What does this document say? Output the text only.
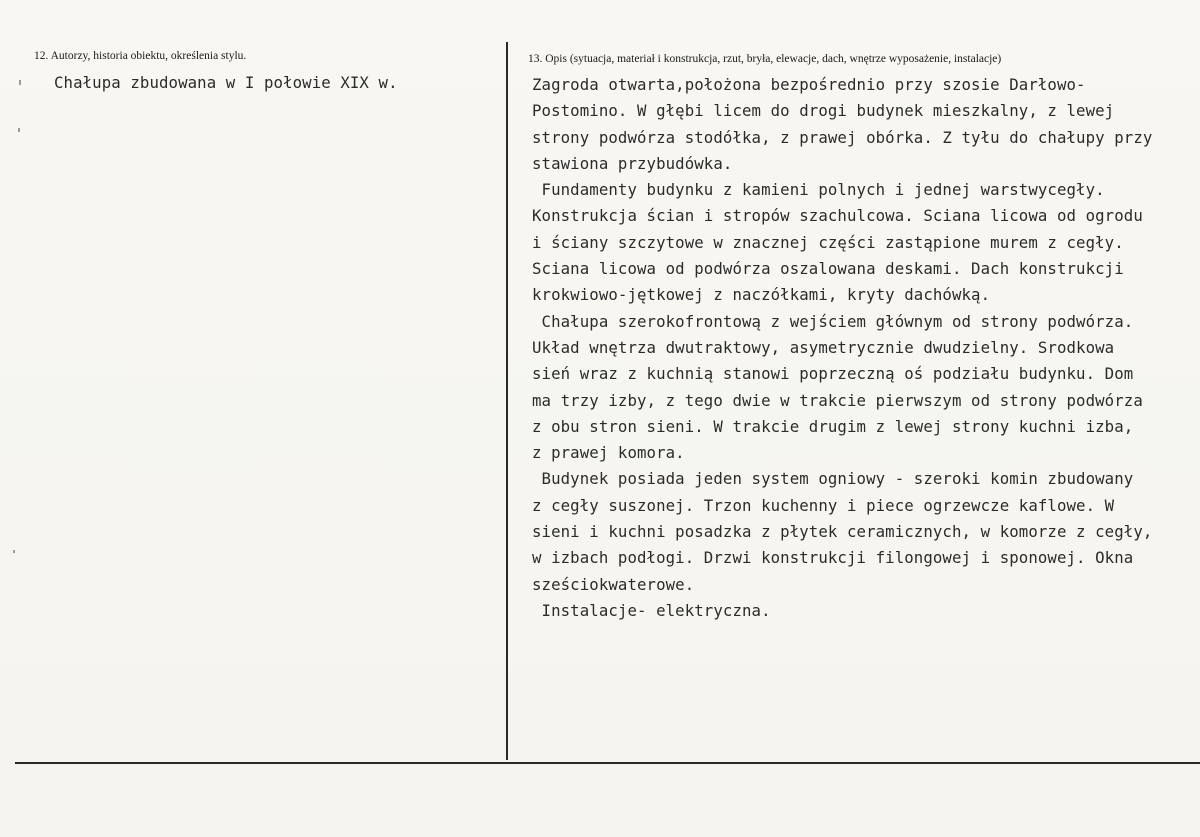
12. Autorzy, historia obiektu, określenia stylu.
Chałupa zbudowana w I połowie XIX w.
13. Opis (sytuacja, materiał i konstrukcja, rzut, bryła, elewacje, dach, wnętrze wyposażenie, instalacje)
Zagroda otwarta,położona bezpośrednio przy szosie Darłowo-
Postomino. W głębi licem do drogi budynek mieszkalny, z lewej
strony podwórza stodółka, z prawej obórka. Z tyłu do chałupy przy
stawiona przybudówka.
Fundamenty budynku z kamieni polnych i jednej warstwycegły.
Konstrukcja ścian i stropów szachulcowa. Sciana licowa od ogrodu
i ściany szczytowe w znacznej części zastąpione murem z cegły.
Sciana licowa od podwórza oszalowana deskami. Dach konstrukcji
krokwiowo-jętkowej z naczółkami, kryty dachówką.
Chałupa szerokofrontową z wejściem głównym od strony podwórza.
Układ wnętrza dwutraktowy, asymetrycznie dwudzielny. Srodkowa
sień wraz z kuchnią stanowi poprzeczną oś podziału budynku. Dom
ma trzy izby, z tego dwie w trakcie pierwszym od strony podwórza
z obu stron sieni. W trakcie drugim z lewej strony kuchni izba,
z prawej komora.
Budynek posiada jeden system ogniowy - szeroki komin zbudowany
z cegły suszonej. Trzon kuchenny i piece ogrzewcze kaflowe. W
sieni i kuchni posadzka z płytek ceramicznych, w komorze z cegły,
w izbach podłogi. Drzwi konstrukcji filongowej i sponowej. Okna
sześciokwaterowe.
Instalacje- elektryczna.
